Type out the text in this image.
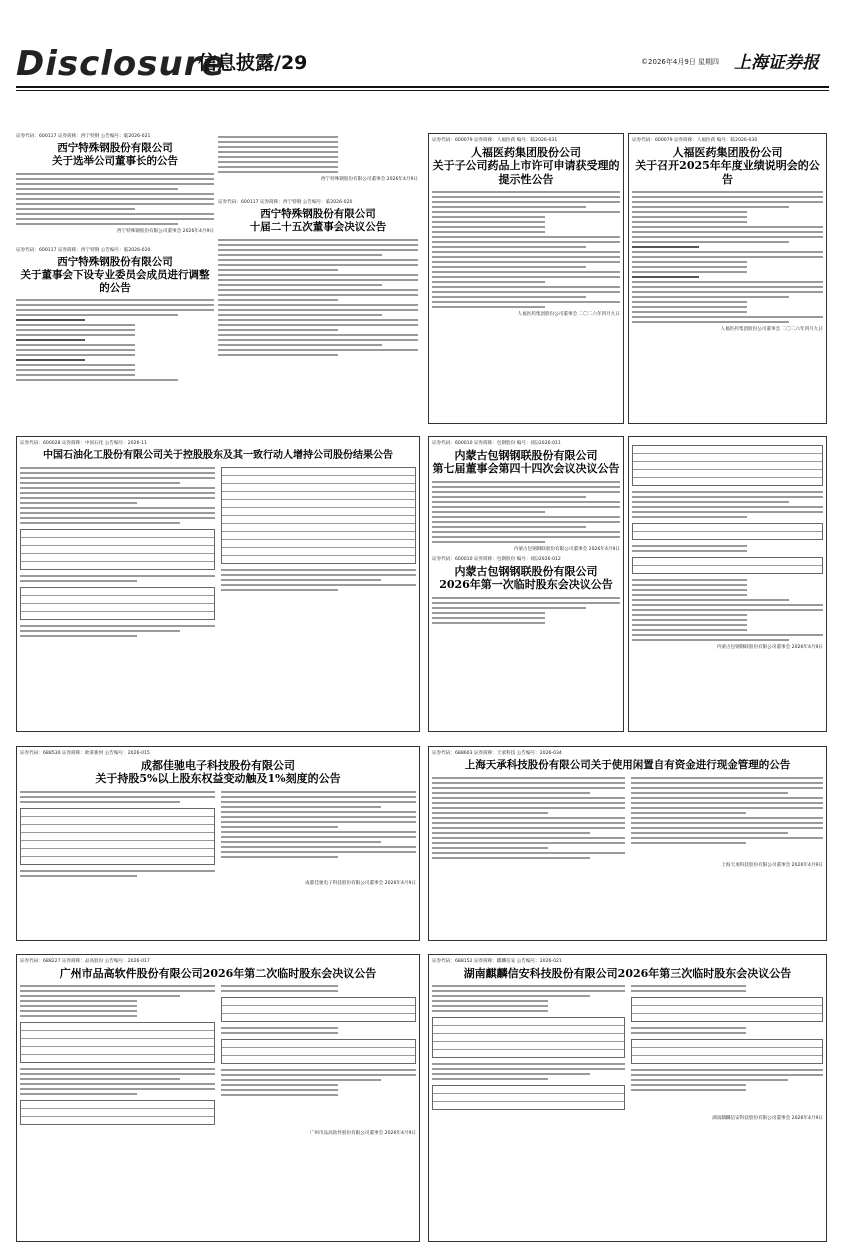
Disclosure
信息披露/29	©2026年4月9日 星期四 上海证券报
证券代码：600117 证券简称：西宁特钢 公告编号：临2026-021
西宁特殊钢股份有限公司
关于选举公司董事长的公告
西宁特殊钢股份有限公司董事会 2026年4月9日
证券代码：600117 证券简称：西宁特钢 公告编号：临2026-020
西宁特殊钢股份有限公司
关于董事会下设专业委员会成员进行调整
的公告
西宁特殊钢股份有限公司董事会 2026年4月9日
证券代码：600117 证券简称：西宁特钢 公告编号：临2026-020
西宁特殊钢股份有限公司
十届二十五次董事会决议公告
证券代码：600079 证券简称：人福医药 编号：临2026-031
人福医药集团股份公司
关于子公司药品上市许可申请获受理的
提示性公告
人福医药集团股份公司董事会 二〇二六年四月九日
证券代码：600079 证券简称：人福医药 编号：临2026-030
人福医药集团股份公司
关于召开2025年年度业绩说明会的公告
人福医药集团股份公司董事会 二〇二六年四月九日
证券代码：600028 证券简称：中国石化 公告编号：2026-11
中国石油化工股份有限公司关于控股股东及其一致行动人增持公司股份结果公告
证券代码：600010 证券简称：包钢股份 编号：(临)2026-011
内蒙古包钢钢联股份有限公司
第七届董事会第四十四次会议决议公告
内蒙古包钢钢联股份有限公司董事会 2026年4月9日
证券代码：600010 证券简称：包钢股份 编号：(临)2026-012
内蒙古包钢钢联股份有限公司
2026年第一次临时股东会决议公告
内蒙古包钢钢联股份有限公司董事会 2026年4月9日
证券代码：688530 证券简称：欧莱新材 公告编号：2026-015
成都佳驰电子科技股份有限公司
关于持股5%以上股东权益变动触及1%刻度的公告
成都佳驰电子科技股份有限公司董事会 2026年4月9日
证券代码：688603 证券简称：天承科技 公告编号：2026-034
上海天承科技股份有限公司关于使用闲置自有资金进行现金管理的公告
上海天承科技股份有限公司董事会 2026年4月9日
证券代码：688227 证券简称：品高股份 公告编号：2026-017
广州市品高软件股份有限公司2026年第二次临时股东会决议公告
广州市品高软件股份有限公司董事会 2026年4月9日
证券代码：688152 证券简称：麒麟信安 公告编号：2026-021
湖南麒麟信安科技股份有限公司2026年第三次临时股东会决议公告
湖南麒麟信安科技股份有限公司董事会 2026年4月9日
